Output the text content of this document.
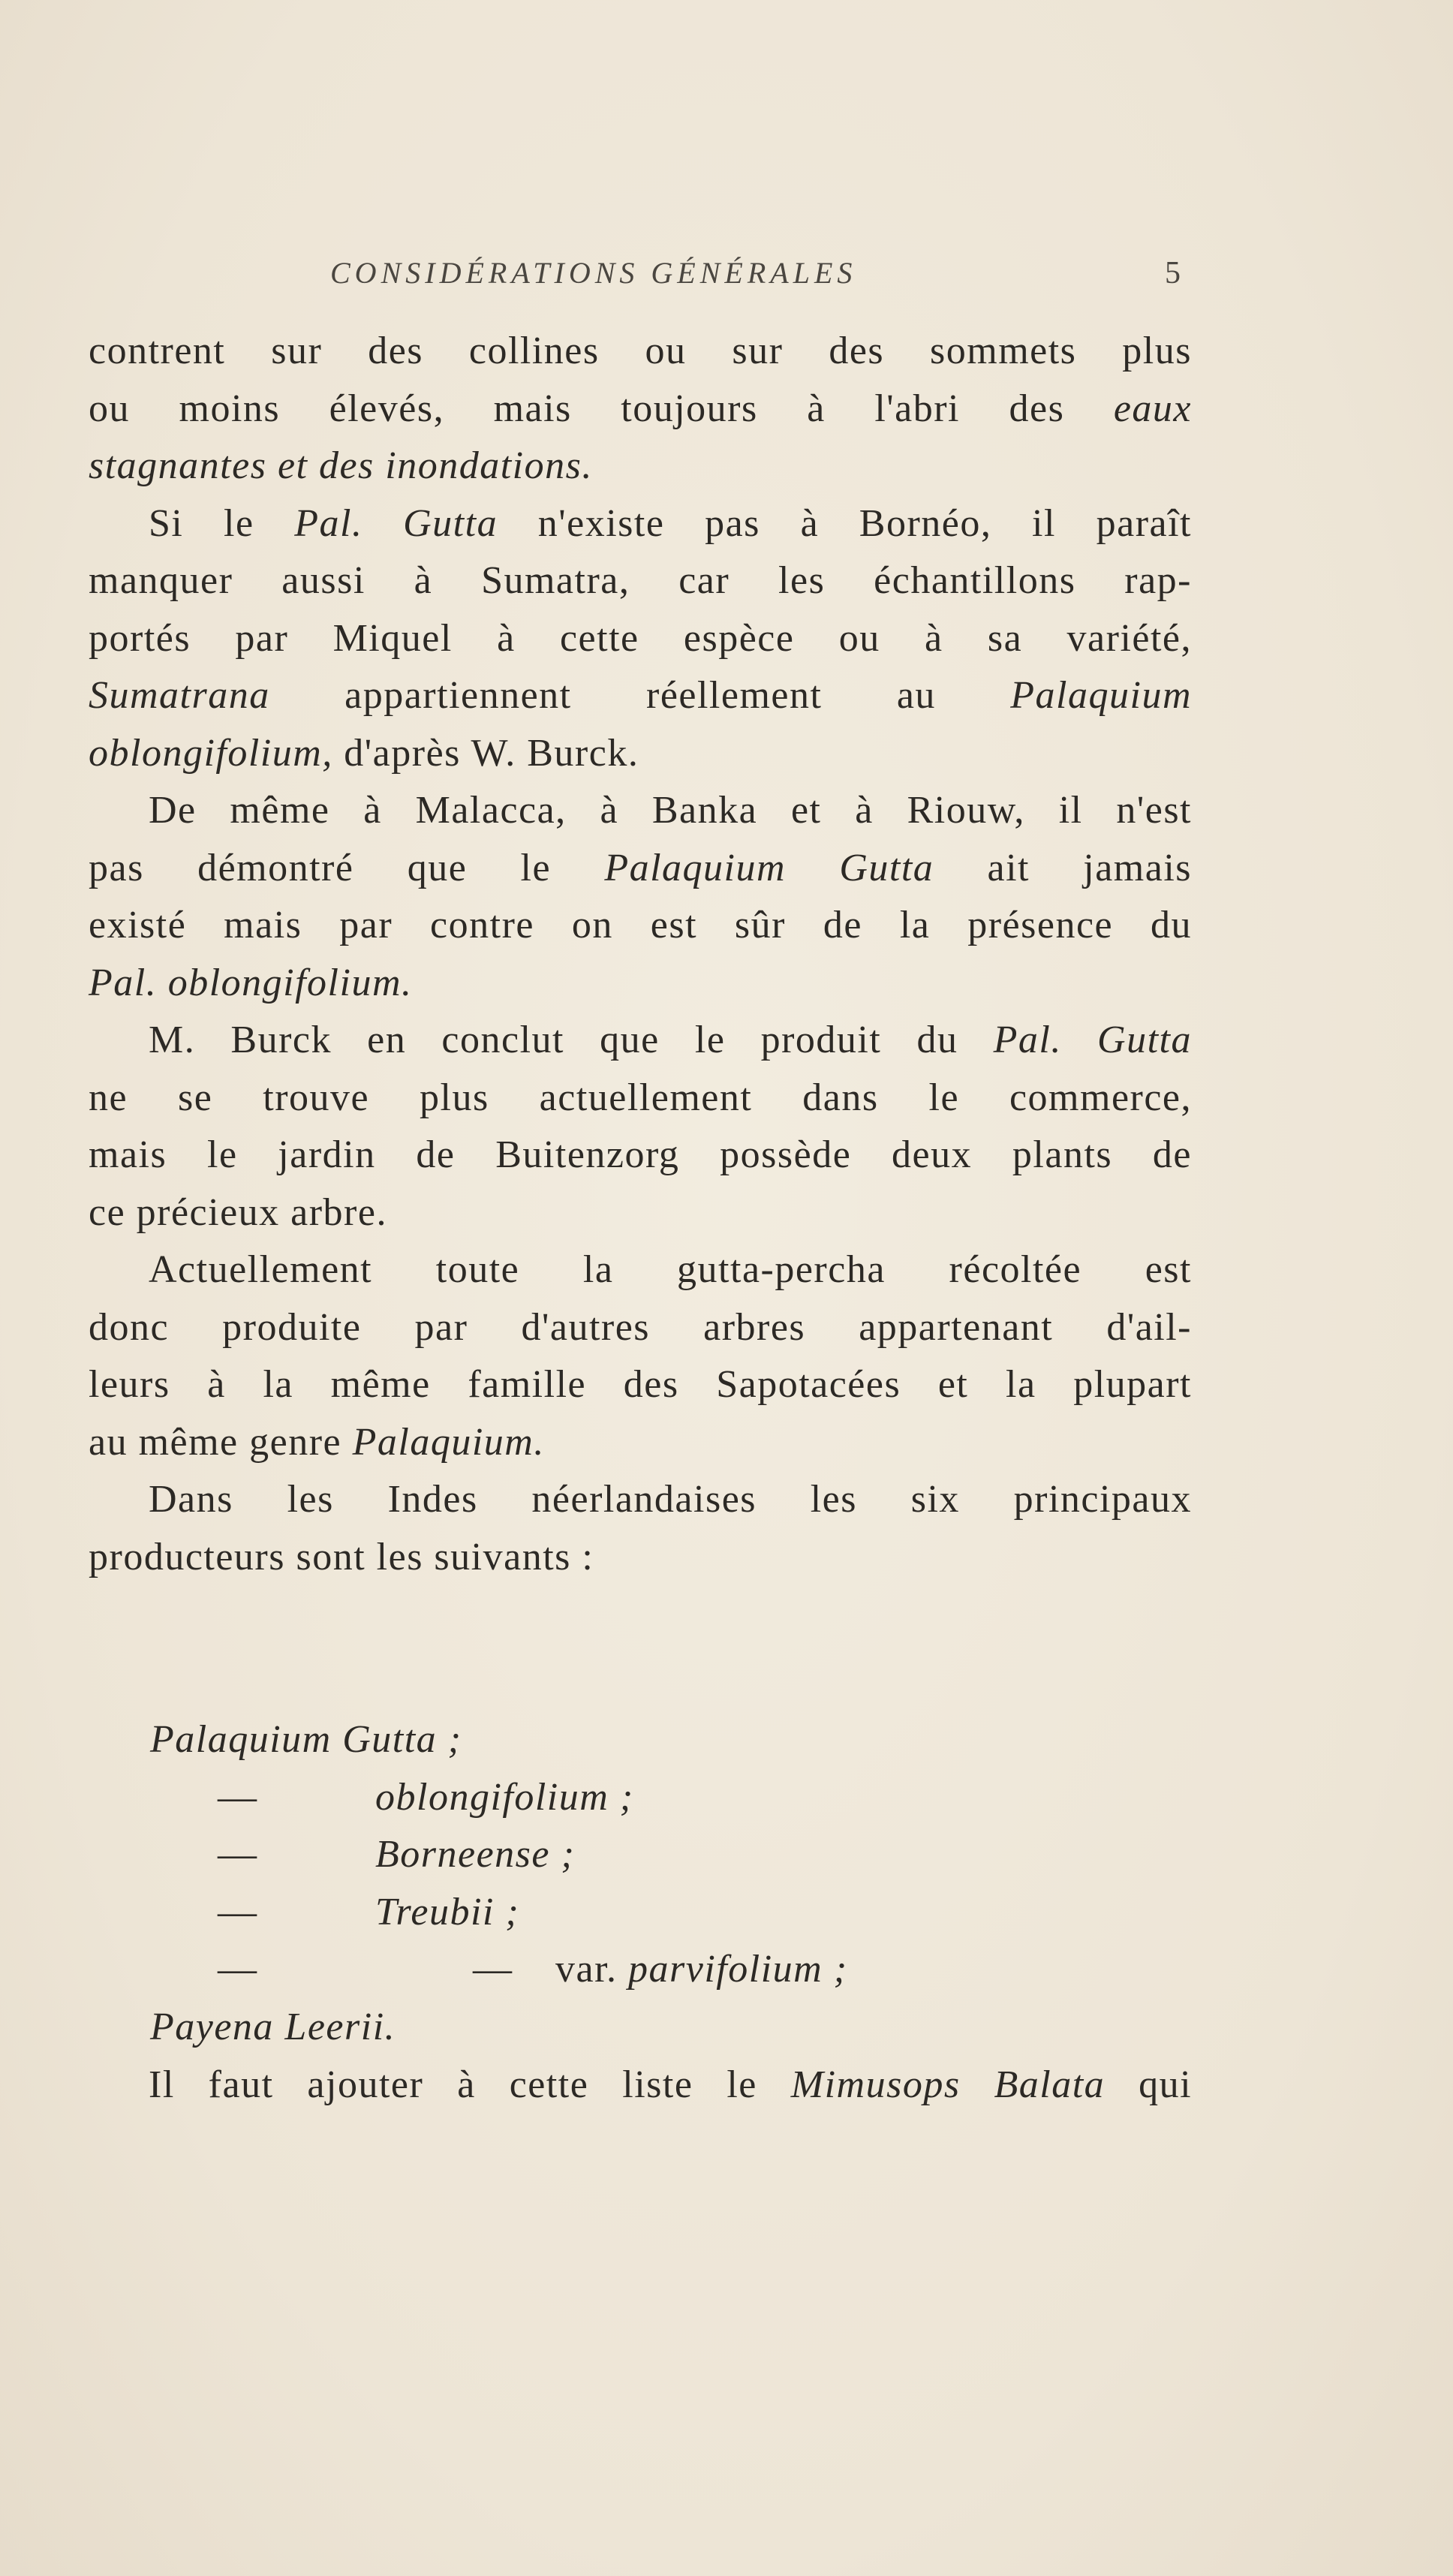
CONSIDÉRATIONS GÉNÉRALES	5
contrent sur des collines ou sur des sommets plus
ou moins élevés, mais toujours à l'abri des eaux
stagnantes et des inondations.
Si le Pal. Gutta n'existe pas à Bornéo, il paraît
manquer aussi à Sumatra, car les échantillons rap-
portés par Miquel à cette espèce ou à sa variété,
Sumatrana appartiennent réellement au Palaquium
oblongifolium, d'après W. Burck.
De même à Malacca, à Banka et à Riouw, il n'est
pas démontré que le Palaquium Gutta ait jamais
existé mais par contre on est sûr de la présence du
Pal. oblongifolium.
M. Burck en conclut que le produit du Pal. Gutta
ne se trouve plus actuellement dans le commerce,
mais le jardin de Buitenzorg possède deux plants de
ce précieux arbre.
Actuellement toute la gutta-percha récoltée est
donc produite par d'autres arbres appartenant d'ail-
leurs à la même famille des Sapotacées et la plupart
au même genre Palaquium.
Dans les Indes néerlandaises les six principaux
producteurs sont les suivants :
Palaquium Gutta ;
—	oblongifolium ;
—	Borneense ;
—	Treubii ;
—	— var. parvifolium ;
Payena Leerii.
Il faut ajouter à cette liste le Mimusops Balata qui
